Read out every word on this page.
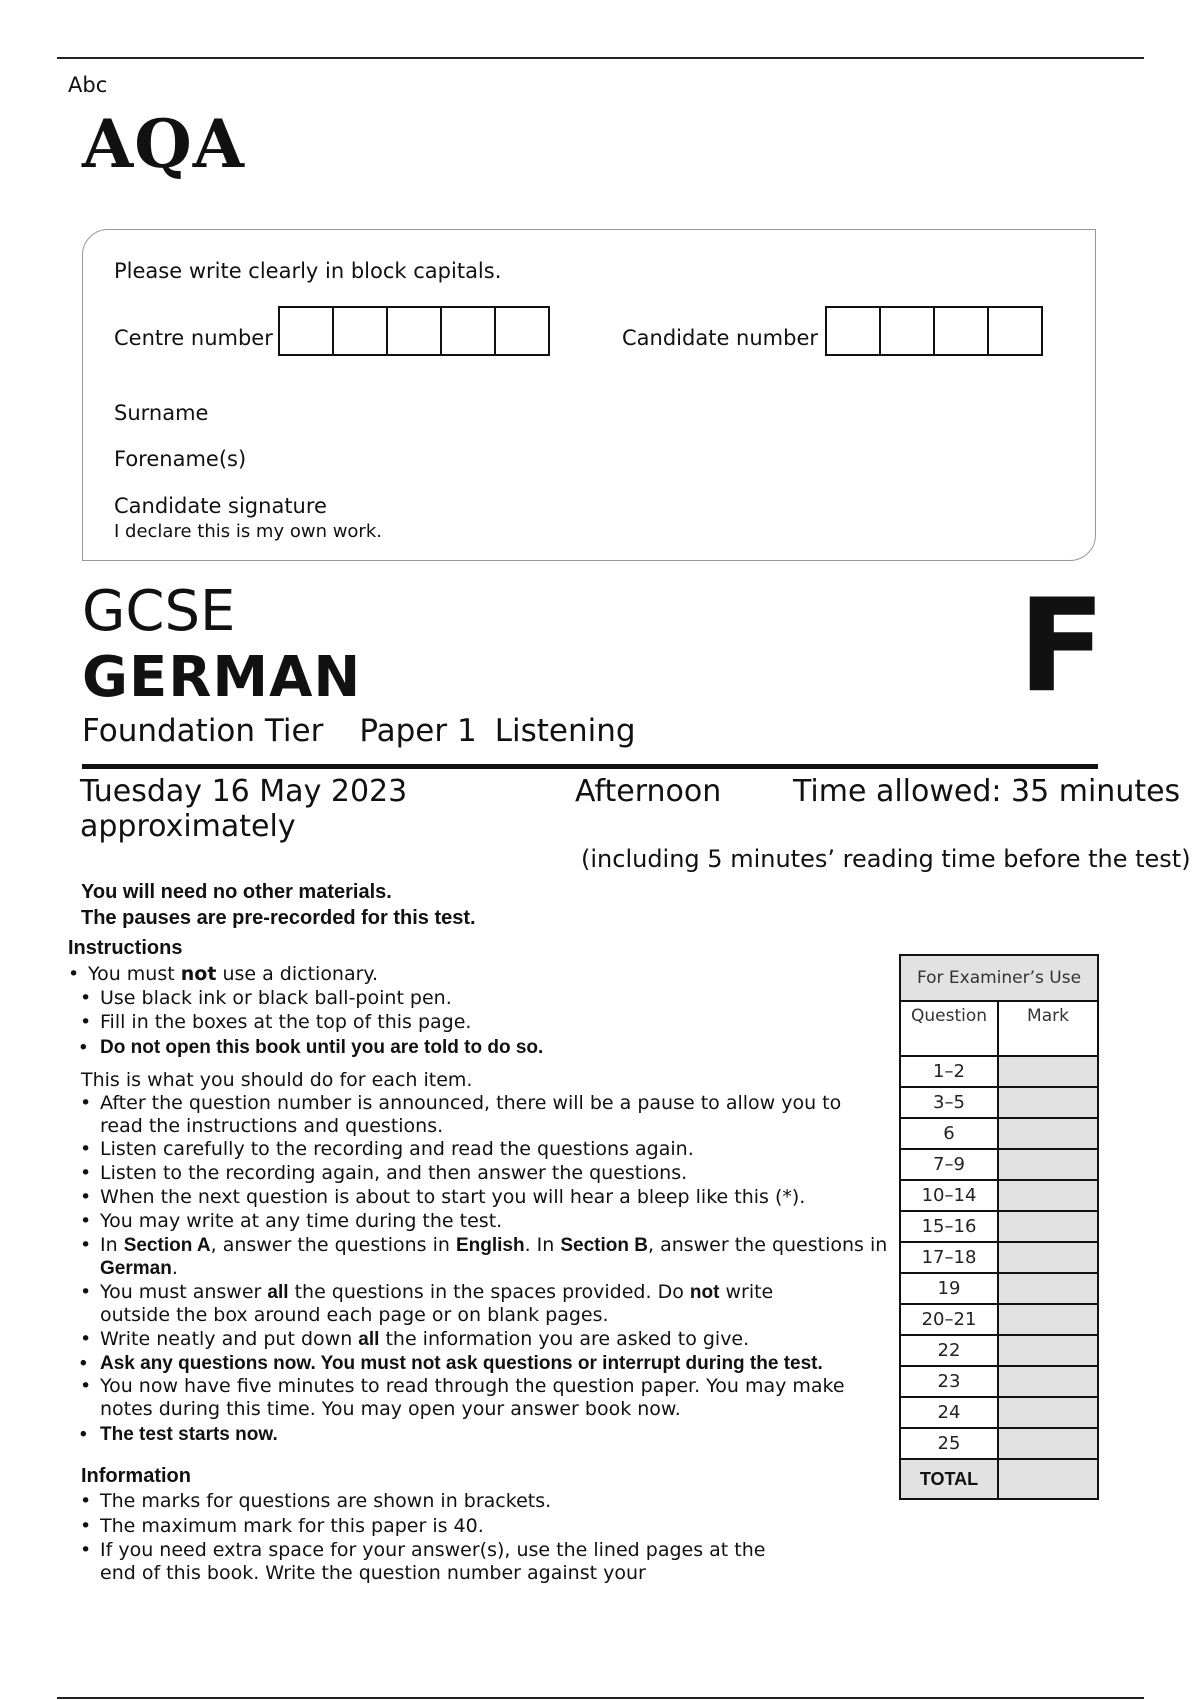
Abc
AQA
Please write clearly in block capitals.
Centre number	Candidate number
Surname
Forename(s)
Candidate signature
I declare this is my own work.
GCSE
GERMAN
Foundation Tier Paper 1 Listening
F
Tuesday 16 May 2023	Afternoon Time allowed: 35 minutes
approximately
(including 5 minutes’ reading time before the test)
You will need no other materials.
The pauses are pre-recorded for this test.
Instructions
• You must not use a dictionary.
• Use black ink or black ball-point pen.
• Fill in the boxes at the top of this page.
• Do not open this book until you are told to do so.
This is what you should do for each item.
• After the question number is announced, there will be a pause to allow you to read the instructions and questions.
• Listen carefully to the recording and read the questions again.
• Listen to the recording again, and then answer the questions.
• When the next question is about to start you will hear a bleep like this (*).
• You may write at any time during the test.
• In Section A, answer the questions in English. In Section B, answer the questions in German.
• You must answer all the questions in the spaces provided. Do not write outside the box around each page or on blank pages.
• Write neatly and put down all the information you are asked to give.
• Ask any questions now. You must not ask questions or interrupt during the test.
• You now have five minutes to read through the question paper. You may make notes during this time. You may open your answer book now.
• The test starts now.
Information
• The marks for questions are shown in brackets.
• The maximum mark for this paper is 40.
• If you need extra space for your answer(s), use the lined pages at the end of this book. Write the question number against your
For Examiner’s Use	
Question	Mark
1–2	
3–5	
6	
7–9	
10–14	
15–16	
17–18	
19	
20–21	
22	
23	
24	
25	
TOTAL	
